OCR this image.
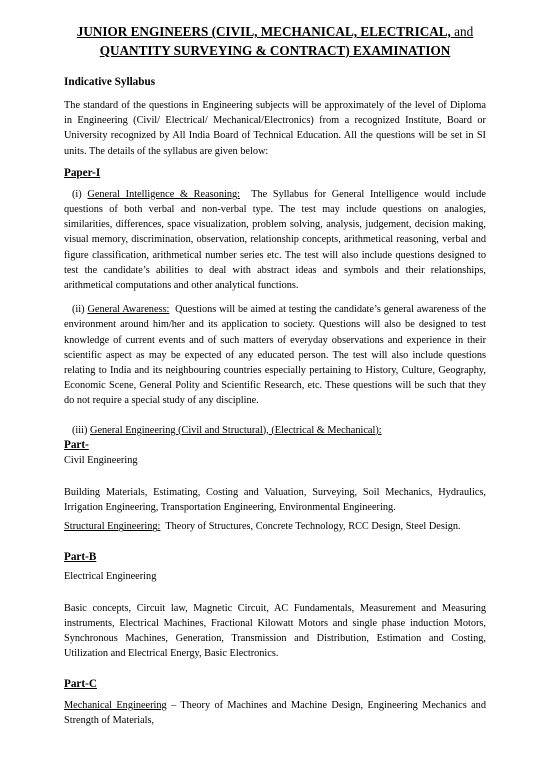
JUNIOR ENGINEERS (CIVIL, MECHANICAL, ELECTRICAL, and
QUANTITY SURVEYING & CONTRACT) EXAMINATION
Indicative Syllabus

The standard of the questions in Engineering subjects will be approximately of the level of Diploma in Engineering (Civil/ Electrical/ Mechanical/Electronics) from a recognized Institute, Board or University recognized by All India Board of Technical Education. All the questions will be set in SI units. The details of the syllabus are given below:

Paper-I

(i) General Intelligence & Reasoning: The Syllabus for General Intelligence would include questions of both verbal and non-verbal type. The test may include questions on analogies, similarities, differences, space visualization, problem solving, analysis, judgement, decision making, visual memory, discrimination, observation, relationship concepts, arithmetical reasoning, verbal and figure classification, arithmetical number series etc. The test will also include questions designed to test the candidate’s abilities to deal with abstract ideas and symbols and their relationships, arithmetical computations and other analytical functions.

(ii) General Awareness: Questions will be aimed at testing the candidate’s general awareness of the environment around him/her and its application to society. Questions will also be designed to test knowledge of current events and of such matters of everyday observations and experience in their scientific aspect as may be expected of any educated person. The test will also include questions relating to India and its neighbouring countries especially pertaining to History, Culture, Geography, Economic Scene, General Polity and Scientific Research, etc. These questions will be such that they do not require a special study of any discipline.

(iii) General Engineering (Civil and Structural), (Electrical & Mechanical):
Part-
Civil Engineering

Building Materials, Estimating, Costing and Valuation, Surveying, Soil Mechanics, Hydraulics, Irrigation Engineering, Transportation Engineering, Environmental Engineering.

Structural Engineering: Theory of Structures, Concrete Technology, RCC Design, Steel Design.

Part-B
Electrical Engineering

Basic concepts, Circuit law, Magnetic Circuit, AC Fundamentals, Measurement and Measuring instruments, Electrical Machines, Fractional Kilowatt Motors and single phase induction Motors, Synchronous Machines, Generation, Transmission and Distribution, Estimation and Costing, Utilization and Electrical Energy, Basic Electronics.

Part-C

Mechanical Engineering – Theory of Machines and Machine Design, Engineering Mechanics and Strength of Materials,
